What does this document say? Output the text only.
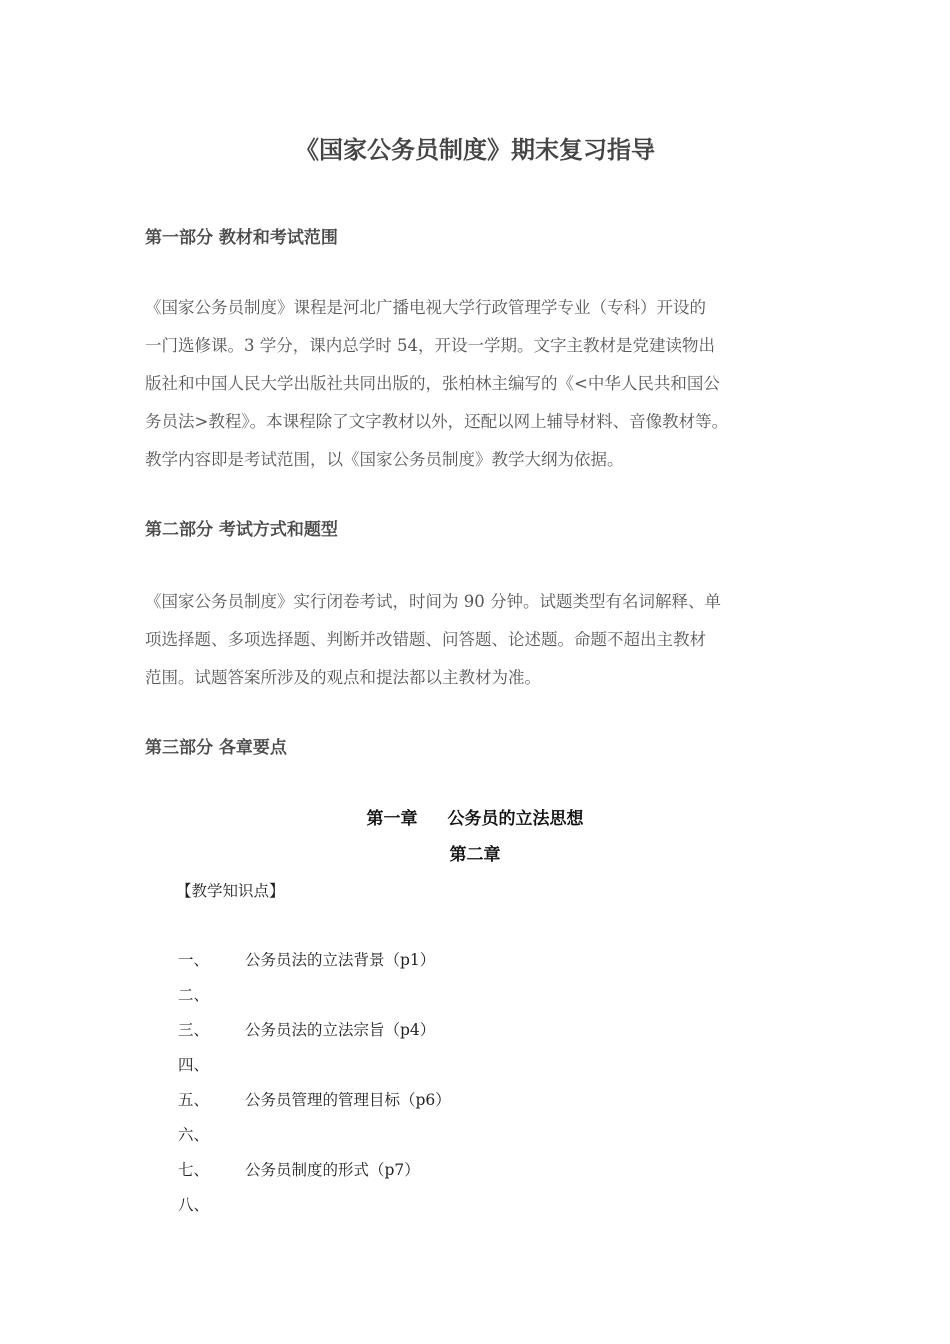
《国家公务员制度》期末复习指导
第一部分 教材和考试范围
《国家公务员制度》课程是河北广播电视大学行政管理学专业（专科）开设的
一门选修课。3 学分，课内总学时 54，开设一学期。文字主教材是党建读物出
版社和中国人民大学出版社共同出版的，张柏林主编写的《<中华人民共和国公
务员法>教程》。本课程除了文字教材以外，还配以网上辅导材料、音像教材等。
教学内容即是考试范围，以《国家公务员制度》教学大纲为依据。
第二部分 考试方式和题型
《国家公务员制度》实行闭卷考试，时间为 90 分钟。试题类型有名词解释、单
项选择题、多项选择题、判断并改错题、问答题、论述题。命题不超出主教材
范围。试题答案所涉及的观点和提法都以主教材为准。
第三部分 各章要点
第一章 公务员的立法思想
第二章
【教学知识点】
一、 公务员法的立法背景（p1）
二、
三、 公务员法的立法宗旨（p4）
四、
五、 公务员管理的管理目标（p6）
六、
七、 公务员制度的形式（p7）
八、
